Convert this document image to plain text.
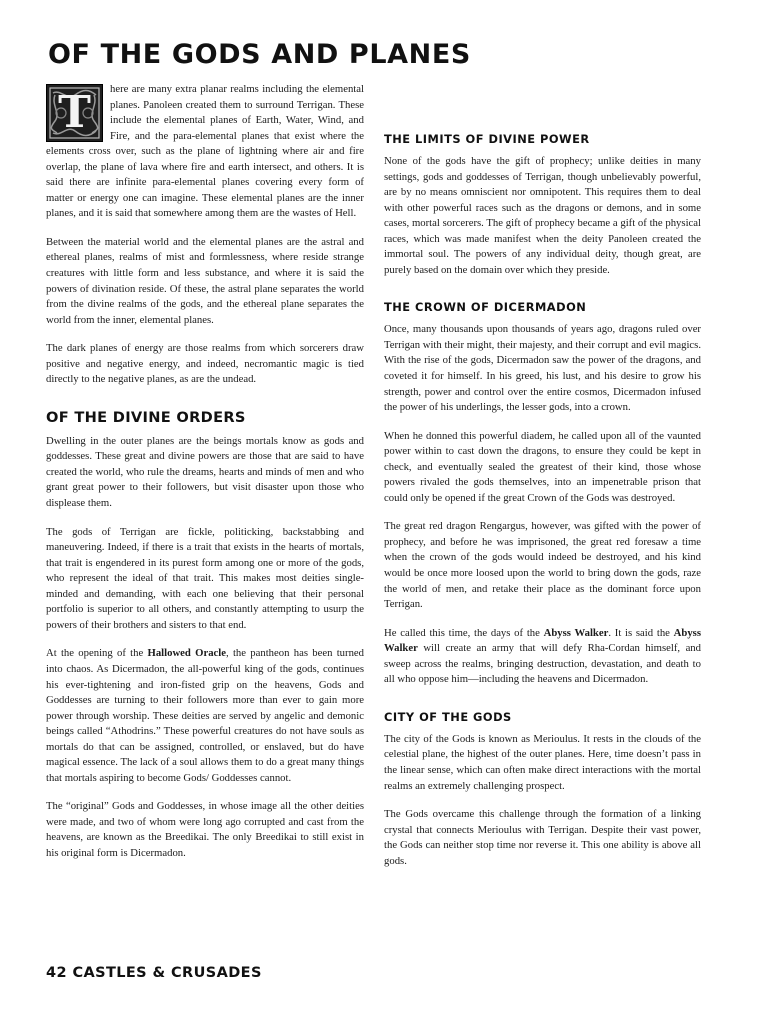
OF THE GODS AND PLANES

T	here are many extra planar realms including the elemental planes. Panoleen created them to surround Terrigan. These include the elemental planes of Earth, Water, Wind, and Fire, and the para-elemental planes that exist where the elements cross over, such as the plane of lightning where air and fire overlap, the plane of lava where fire and earth intersect, and others. It is said there are infinite para-elemental planes covering every form of matter or energy one can imagine. These elemental planes are the inner planes, and it is said that somewhere among them are the wastes of Hell.

Between the material world and the elemental planes are the astral and ethereal planes, realms of mist and formlessness, where reside strange creatures with little form and less substance, and where it is said the powers of divination reside. Of these, the astral plane separates the world from the divine realms of the gods, and the ethereal plane separates the world from the inner, elemental planes.

The dark planes of energy are those realms from which sorcerers draw positive and negative energy, and indeed, necromantic magic is tied directly to the negative planes, as are the undead.

OF THE DIVINE ORDERS

Dwelling in the outer planes are the beings mortals know as gods and goddesses. These great and divine powers are those that are said to have created the world, who rule the dreams, hearts and minds of men and who grant great power to their followers, but visit disaster upon those who displease them.

The gods of Terrigan are fickle, politicking, backstabbing and maneuvering. Indeed, if there is a trait that exists in the hearts of mortals, that trait is engendered in its purest form among one or more of the gods, who represent the ideal of that trait. This makes most deities single-minded and demanding, with each one believing that their personal portfolio is superior to all others, and constantly attempting to usurp the powers of their brothers and sisters to that end.

At the opening of the Hallowed Oracle, the pantheon has been turned into chaos. As Dicermadon, the all-powerful king of the gods, continues his ever-tightening and iron-fisted grip on the heavens, Gods and Goddesses are turning to their followers more than ever to gain more power through worship. These deities are served by angelic and demonic beings called “Athodrins.” These powerful creatures do not have souls as mortals do that can be assigned, controlled, or enslaved, but do have magical essence. The lack of a soul allows them to do a great many things that mortals aspiring to become Gods/ Goddesses cannot.

The “original” Gods and Goddesses, in whose image all the other deities were made, and two of whom were long ago corrupted and cast from the heavens, are known as the Breedikai. The only Breedikai to still exist in his original form is Dicermadon.

THE LIMITS OF DIVINE POWER

None of the gods have the gift of prophecy; unlike deities in many settings, gods and goddesses of Terrigan, though unbelievably powerful, are by no means omniscient nor omnipotent. This requires them to deal with other powerful races such as the dragons or demons, and in some cases, mortal sorcerers. The gift of prophecy became a gift of the physical races, which was made manifest when the deity Panoleen created the immortal soul. The powers of any individual deity, though great, are purely based on the domain over which they preside.

THE CROWN OF DICERMADON

Once, many thousands upon thousands of years ago, dragons ruled over Terrigan with their might, their majesty, and their corrupt and evil magics. With the rise of the gods, Dicermadon saw the power of the dragons, and coveted it for himself. In his greed, his lust, and his desire to grow his strength, power and control over the entire cosmos, Dicermadon infused the power of his underlings, the lesser gods, into a crown.

When he donned this powerful diadem, he called upon all of the vaunted power within to cast down the dragons, to ensure they could be kept in check, and eventually sealed the greatest of their kind, those whose powers rivaled the gods themselves, into an impenetrable prison that could only be opened if the great Crown of the Gods was destroyed.

The great red dragon Rengargus, however, was gifted with the power of prophecy, and before he was imprisoned, the great red foresaw a time when the crown of the gods would indeed be destroyed, and his kind would be once more loosed upon the world to bring down the gods, raze the world of men, and retake their place as the dominant force upon Terrigan.

He called this time, the days of the Abyss Walker. It is said the Abyss Walker will create an army that will defy Rha-Cordan himself, and sweep across the realms, bringing destruction, devastation, and death to all who oppose him—including the heavens and Dicermadon.

CITY OF THE GODS

The city of the Gods is known as Merioulus. It rests in the clouds of the celestial plane, the highest of the outer planes. Here, time doesn’t pass in the linear sense, which can often make direct interactions with the mortal realms an extremely challenging prospect.

The Gods overcame this challenge through the formation of a linking crystal that connects Merioulus with Terrigan. Despite their vast power, the Gods can neither stop time nor reverse it. This one ability is above all gods.

42 CASTLES & CRUSADES
